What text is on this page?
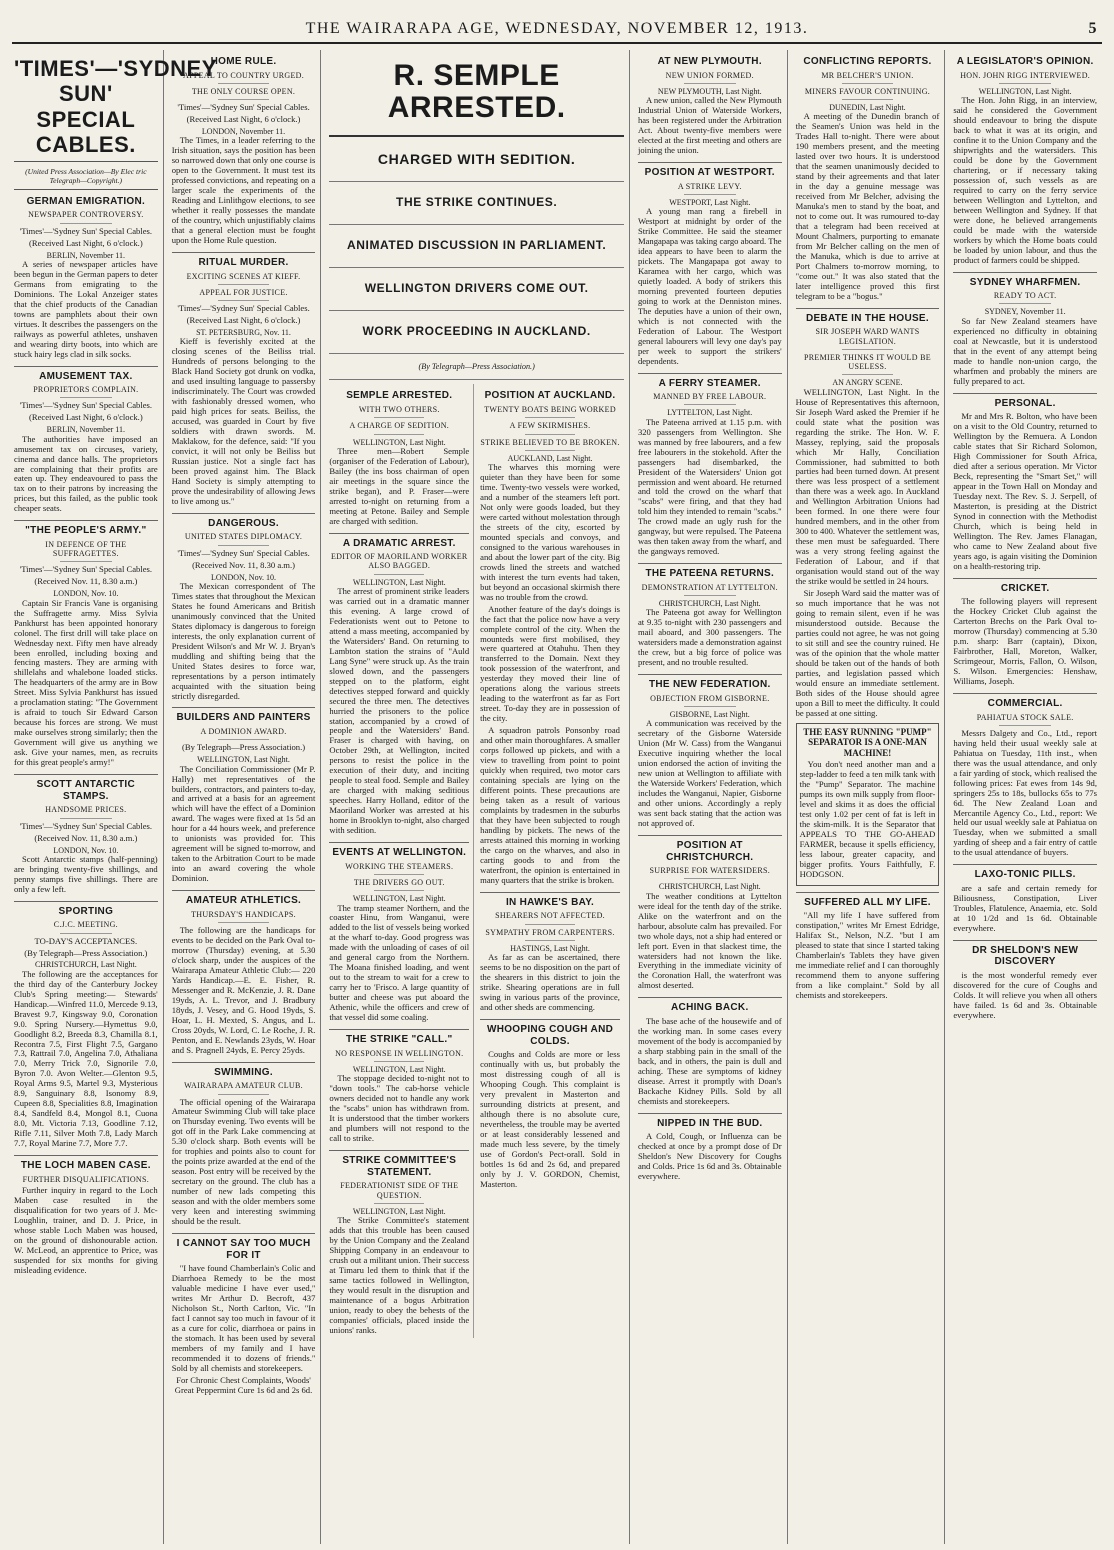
THE WAIRARAPA AGE, WEDNESDAY, NOVEMBER 12, 1913.	5
'TIMES'—'SYDNEY SUN' SPECIAL CABLES.
(United Press Association—By Elec tric Telegraph—Copyright.)
GERMAN EMIGRATION.
NEWSPAPER CONTROVERSY.

'Times'—'Sydney Sun' Special Cables.

(Received Last Night, 6 o'clock.)

BERLIN, November 11.

A series of newspaper articles have been begun in the German papers to deter Germans from emigrating to the Dominions. The Lokal Anzeiger states that the chief products of the Canadian towns are pamphlets about their own virtues. It describes the passengers on the railways as powerful athletes, unshaven and wearing dirty boots, into which are stuck hairy legs clad in silk socks.

AMUSEMENT TAX.
PROPRIETORS COMPLAIN.

'Times'—'Sydney Sun' Special Cables.

(Received Last Night, 6 o'clock.)

BERLIN, November 11.

The authorities have imposed an amusement tax on circuses, variety, cinema and dance halls. The proprietors are complaining that their profits are eaten up. They endeavoured to pass the tax on to their patrons by increasing the prices, but this failed, as the public took cheaper seats.

"THE PEOPLE'S ARMY."
IN DEFENCE OF THE SUFFRAGETTES.

'Times'—'Sydney Sun' Special Cables.

(Received Nov. 11, 8.30 a.m.)

LONDON, Nov. 10.

Captain Sir Francis Vane is organising the Suffragette army. Miss Sylvia Pankhurst has been appointed honorary colonel. The first drill will take place on Wednesday next. Fifty men have already been enrolled, including boxing and fencing masters. They are arming with shillelahs and whalebone loaded sticks. The headquarters of the army are in Bow Street. Miss Sylvia Pankhurst has issued a proclamation stating: "The Government is afraid to touch Sir Edward Carson because his forces are strong. We must make ourselves strong similarly; then the Government will give us anything we ask. Give your names, men, as recruits for this great people's army!"

SCOTT ANTARCTIC STAMPS.
HANDSOME PRICES.

'Times'—'Sydney Sun' Special Cables.

(Received Nov. 11, 8.30 a.m.)

LONDON, Nov. 10.

Scott Antarctic stamps (half-penning) are bringing twenty-five shillings, and penny stamps five shillings. There are only a few left.

SPORTING
C.J.C. MEETING.

TO-DAY'S ACCEPTANCES.

(By Telegraph—Press Association.)

CHRISTCHURCH, Last Night.

The following are the acceptances for the third day of the Canterbury Jockey Club's Spring meeting:— Stewards' Handicap.—Winfred 11.0, Mercede 9.13, Bravest 9.7, Kingsway 9.0, Coronation 9.0. Spring Nursery.—Hymettus 9.0, Goodlight 8.2, Breeda 8.3, Chamilla 8.1, Recontra 7.5, First Flight 7.5, Gargano 7.3, Rattrail 7.0, Angelina 7.0, Athaliana 7.0, Merry Trick 7.0, Signorile 7.0, Byron 7.0. Avon Welter.—Glenton 9.5, Royal Arms 9.5, Martel 9.3, Mysterious 8.9, Sanguinary 8.8, Isonomy 8.9, Cupeen 8.8, Specialities 8.8, Imagination 8.4, Sandfeld 8.4, Mongol 8.1, Cuona 8.0, Mt. Victoria 7.13, Goodline 7.12, Rifle 7.11, Silver Moth 7.8, Lady March 7.7, Royal Marine 7.7, More 7.7.

THE LOCH MABEN CASE.
FURTHER DISQUALIFICATIONS.

Further inquiry in regard to the Loch Maben case resulted in the disqualification for two years of J. Mc-Loughlin, trainer, and D. J. Price, in whose stable Loch Maben was housed, on the ground of dishonourable action. W. McLeod, an apprentice to Price, was suspended for six months for giving misleading evidence.

HOME RULE.
APPEAL TO COUNTRY URGED.
THE ONLY COURSE OPEN.

'Times'—'Sydney Sun' Special Cables.

(Received Last Night, 6 o'clock.)

LONDON, November 11.

The Times, in a leader referring to the Irish situation, says the position has been so narrowed down that only one course is open to the Government. It must test its professed convictions, and repeating on a larger scale the experiments of the Reading and Linlithgow elections, to see whether it really possesses the mandate of the country, which unjustifiably claims that a general election must be fought upon the Home Rule question.

RITUAL MURDER.
EXCITING SCENES AT KIEFF.
APPEAL FOR JUSTICE.

'Times'—'Sydney Sun' Special Cables.

(Received Last Night, 6 o'clock.)

ST. PETERSBURG, Nov. 11.

Kieff is feverishly excited at the closing scenes of the Beiliss trial. Hundreds of persons belonging to the Black Hand Society got drunk on vodka, and used insulting language to passersby indiscriminately. The Court was crowded with fashionably dressed women, who paid high prices for seats. Beiliss, the accused, was guarded in Court by five soldiers with drawn swords. M. Maklakow, for the defence, said: "If you convict, it will not only be Beiliss but Russian justice. Not a single fact has been proved against him. The Black Hand Society is simply attempting to prove the undesirability of allowing Jews to live among us."

DANGEROUS.
UNITED STATES DIPLOMACY.

'Times'—'Sydney Sun' Special Cables.

(Received Nov. 11, 8.30 a.m.)

LONDON, Nov. 10.

The Mexican correspondent of The Times states that throughout the Mexican States he found Americans and British unanimously convinced that the United States diplomacy is dangerous to foreign interests, the only explanation current of President Wilson's and Mr W. J. Bryan's muddling and shifting being that the United States desires to force war, representations by a person intimately acquainted with the situation being strictly disregarded.

BUILDERS AND PAINTERS
A DOMINION AWARD.

(By Telegraph—Press Association.)

WELLINGTON, Last Night.

The Conciliation Commissioner (Mr P. Hally) met representatives of the builders, contractors, and painters to-day, and arrived at a basis for an agreement which will have the effect of a Dominion award. The wages were fixed at 1s 5d an hour for a 44 hours week, and preference to unionists was provided for. This agreement will be signed to-morrow, and taken to the Arbitration Court to be made into an award covering the whole Dominion.

AMATEUR ATHLETICS.
THURSDAY'S HANDICAPS.

The following are the handicaps for events to be decided on the Park Oval to-morrow (Thursday) evening, at 5.30 o'clock sharp, under the auspices of the Wairarapa Amateur Athletic Club:— 220 Yards Handicap.—E. E. Fisher, R. Messenger and R. McKenzie, J. R. Dane 19yds, A. L. Trevor, and J. Bradbury 18yds, J. Vesey, and G. Hood 19yds, S. Hoar, L. H. Mexted, S. Angus, and L. Cross 20yds, W. Lord, C. Le Roche, J. R. Penton, and E. Newlands 23yds, W. Hoar and S. Pragnell 24yds, E. Percy 25yds.

SWIMMING.
WAIRARAPA AMATEUR CLUB.

The official opening of the Wairarapa Amateur Swimming Club will take place on Thursday evening. Two events will be got off in the Park Lake commencing at 5.30 o'clock sharp. Both events will be for trophies and points also to count for the points prize awarded at the end of the season. Post entry will be received by the secretary on the ground. The club has a number of new lads competing this season and with the older members some very keen and interesting swimming should be the result.

I CANNOT SAY TOO MUCH FOR IT

"I have found Chamberlain's Colic and Diarrhoea Remedy to be the most valuable medicine I have ever used," writes Mr Arthur D. Becroft, 437 Nicholson St., North Carlton, Vic. "In fact I cannot say too much in favour of it as a cure for colic, diarrhoea or pains in the stomach. It has been used by several members of my family and I have recommended it to dozens of friends." Sold by all chemists and storekeepers.

For Chronic Chest Complaints, Woods' Great Peppermint Cure 1s 6d and 2s 6d.

R. SEMPLE ARRESTED.
CHARGED WITH SEDITION.
THE STRIKE CONTINUES.
ANIMATED DISCUSSION IN PARLIAMENT.
WELLINGTON DRIVERS COME OUT.
WORK PROCEEDING IN AUCKLAND.
(By Telegraph—Press Association.)
SEMPLE ARRESTED.
WITH TWO OTHERS.
A CHARGE OF SEDITION.
WELLINGTON, Last Night.

Three men—Robert Semple (organiser of the Federation of Labour), Bailey (the ins boss chairman of open air meetings in the square since the strike began), and P. Fraser—were arrested to-night on returning from a meeting at Petone. Bailey and Semple are charged with sedition.

A DRAMATIC ARREST.
EDITOR OF MAORILAND WORKER ALSO BAGGED.
WELLINGTON, Last Night.

The arrest of prominent strike leaders was carried out in a dramatic manner this evening. A large crowd of Federationists went out to Petone to attend a mass meeting, accompanied by the Watersiders' Band. On returning to Lambton station the strains of "Auld Lang Syne" were struck up. As the train slowed down, and the passengers stepped on to the platform, eight detectives stepped forward and quickly secured the three men. The detectives hurried the prisoners to the police station, accompanied by a crowd of people and the Watersiders' Band. Fraser is charged with having, on October 29th, at Wellington, incited persons to resist the police in the execution of their duty, and inciting people to steal food. Semple and Bailey are charged with making seditious speeches. Harry Holland, editor of the Maoriland Worker was arrested at his home in Brooklyn to-night, also charged with sedition.

EVENTS AT WELLINGTON.
WORKING THE STEAMERS.
THE DRIVERS GO OUT.
WELLINGTON, Last Night.

The tramp steamer Northern, and the coaster Hinu, from Wanganui, were added to the list of vessels being worked at the wharf to-day. Good progress was made with the unloading of cases of oil and general cargo from the Northern. The Moana finished loading, and went out to the stream to wait for a crew to carry her to 'Frisco. A large quantity of butter and cheese was put aboard the Athenic, while the officers and crew of that vessel did some coaling.

THE STRIKE "CALL."
NO RESPONSE IN WELLINGTON.
WELLINGTON, Last Night.

The stoppage decided to-night not to "down tools." The cab-horse vehicle owners decided not to handle any work the "scabs" union has withdrawn from. It is understood that the timber workers and plumbers will not respond to the call to strike.

STRIKE COMMITTEE'S STATEMENT.
FEDERATIONIST SIDE OF THE QUESTION.
WELLINGTON, Last Night.

The Strike Committee's statement adds that this trouble has been caused by the Union Company and the Zealand Shipping Company in an endeavour to crush out a militant union. Their success at Timaru led them to think that if the same tactics followed in Wellington, they would result in the disruption and maintenance of a bogus Arbitration union, ready to obey the behests of the companies' officials, placed inside the unions' ranks.

POSITION AT AUCKLAND.
TWENTY BOATS BEING WORKED
A FEW SKIRMISHES.
STRIKE BELIEVED TO BE BROKEN.
AUCKLAND, Last Night.

The wharves this morning were quieter than they have been for some time. Twenty-two vessels were worked, and a number of the steamers left port. Not only were goods loaded, but they were carted without molestation through the streets of the city, escorted by mounted specials and convoys, and consigned to the various warehouses in and about the lower part of the city. Big crowds lined the streets and watched with interest the turn events had taken, but beyond an occasional skirmish there was no trouble from the crowd.

Another feature of the day's doings is the fact that the police now have a very complete control of the city. When the mounteds were first mobilised, they were quartered at Otahuhu. Then they transferred to the Domain. Next they took possession of the waterfront, and yesterday they moved their line of operations along the various streets leading to the waterfront as far as Fort street. To-day they are in possession of the city.

A squadron patrols Ponsonby road and other main thoroughfares. A smaller corps followed up pickets, and with a view to travelling from point to point quickly when required, two motor cars containing specials are lying on the different points. These precautions are being taken as a result of various complaints by tradesmen in the suburbs that they have been subjected to rough handling by pickets. The news of the arrests attained this morning in working the cargo on the wharves, and also in carting goods to and from the waterfront, the opinion is entertained in many quarters that the strike is broken.

IN HAWKE'S BAY.
SHEARERS NOT AFFECTED.
SYMPATHY FROM CARPENTERS.
HASTINGS, Last Night.

As far as can be ascertained, there seems to be no disposition on the part of the shearers in this district to join the strike. Shearing operations are in full swing in various parts of the province, and other sheds are commencing.

WHOOPING COUGH AND COLDS.

Coughs and Colds are more or less continually with us, but probably the most distressing cough of all is Whooping Cough. This complaint is very prevalent in Masterton and surrounding districts at present, and although there is no absolute cure, nevertheless, the trouble may be averted or at least considerably lessened and made much less severe, by the timely use of Gordon's Pect-orall. Sold in bottles 1s 6d and 2s 6d, and prepared only by J. V. GORDON, Chemist, Masterton.

AT NEW PLYMOUTH.
NEW UNION FORMED.
NEW PLYMOUTH, Last Night.

A new union, called the New Plymouth Industrial Union of Waterside Workers, has been registered under the Arbitration Act. About twenty-five members were elected at the first meeting and others are joining the union.

POSITION AT WESTPORT.
A STRIKE LEVY.
WESTPORT, Last Night.

A young man rang a firebell in Westport at midnight by order of the Strike Committee. He said the steamer Mangapapa was taking cargo aboard. The idea appears to have been to alarm the pickets. The Mangapapa got away to Karamea with her cargo, which was quietly loaded. A body of strikers this morning prevented fourteen deputies going to work at the Denniston mines. The deputies have a union of their own, which is not connected with the Federation of Labour. The Westport general labourers will levy one day's pay per week to support the strikers' dependents.

A FERRY STEAMER.
MANNED BY FREE LABOUR.
LYTTELTON, Last Night.

The Pateena arrived at 1.15 p.m. with 320 passengers from Wellington. She was manned by free labourers, and a few free labourers in the stokehold. After the passengers had disembarked, the President of the Watersiders' Union got permission and went aboard. He returned and told the crowd on the wharf that "scabs" were firing, and that they had told him they intended to remain "scabs." The crowd made an ugly rush for the gangway, but were repulsed. The Pateena was then taken away from the wharf, and the gangways removed.

THE PATEENA RETURNS.
DEMONSTRATION AT LYTTELTON.
CHRISTCHURCH, Last Night.

The Pateena got away for Wellington at 9.35 to-night with 230 passengers and mail aboard, and 300 passengers. The watersiders made a demonstration against the crew, but a big force of police was present, and no trouble resulted.

THE NEW FEDERATION.
OBJECTION FROM GISBORNE.
GISBORNE, Last Night.

A communication was received by the secretary of the Gisborne Waterside Union (Mr W. Cass) from the Wanganui Executive inquiring whether the local union endorsed the action of inviting the new union at Wellington to affiliate with the Waterside Workers' Federation, which includes the Wanganui, Napier, Gisborne and other unions. Accordingly a reply was sent back stating that the action was not approved of.

POSITION AT CHRISTCHURCH.
SURPRISE FOR WATERSIDERS.
CHRISTCHURCH, Last Night.

The weather conditions at Lyttelton were ideal for the tenth day of the strike. Alike on the waterfront and on the harbour, absolute calm has prevailed. For two whole days, not a ship had entered or left port. Even in that slackest time, the watersiders had not known the like. Everything in the immediate vicinity of the Coronation Hall, the waterfront was almost deserted.

ACHING BACK.

The base ache of the housewife and of the working man. In some cases every movement of the body is accompanied by a sharp stabbing pain in the small of the back, and in others, the pain is dull and aching. These are symptoms of kidney disease. Arrest it promptly with Doan's Backache Kidney Pills. Sold by all chemists and storekeepers.

NIPPED IN THE BUD.

A Cold, Cough, or Influenza can be checked at once by a prompt dose of Dr Sheldon's New Discovery for Coughs and Colds. Price 1s 6d and 3s. Obtainable everywhere.

CONFLICTING REPORTS.
MR BELCHER'S UNION.
MINERS FAVOUR CONTINUING.
DUNEDIN, Last Night.

A meeting of the Dunedin branch of the Seamen's Union was held in the Trades Hall to-night. There were about 190 members present, and the meeting lasted over two hours. It is understood that the seamen unanimously decided to stand by their agreements and that later in the day a genuine message was received from Mr Belcher, advising the Manuka's men to stand by the boat, and not to come out. It was rumoured to-day that a telegram had been received at Mount Chalmers, purporting to emanate from Mr Belcher calling on the men of the Manuka, which is due to arrive at Port Chalmers to-morrow morning, to "come out." It was also stated that the later intelligence proved this first telegram to be a "bogus."

DEBATE IN THE HOUSE.
SIR JOSEPH WARD WANTS LEGISLATION.
PREMIER THINKS IT WOULD BE USELESS.
AN ANGRY SCENE.

WELLINGTON, Last Night. In the House of Representatives this afternoon, Sir Joseph Ward asked the Premier if he could state what the position was regarding the strike. The Hon. W. F. Massey, replying, said the proposals which Mr Hally, Conciliation Commissioner, had submitted to both parties had been turned down. At present there was less prospect of a settlement than there was a week ago. In Auckland and Wellington Arbitration Unions had been formed. In one there were four hundred members, and in the other from 300 to 400. Whatever the settlement was, these men must be safeguarded. There was a very strong feeling against the Federation of Labour, and if that organisation would stand out of the way the strike would be settled in 24 hours.

Sir Joseph Ward said the matter was of so much importance that he was not going to remain silent, even if he was misunderstood outside. Because the parties could not agree, he was not going to sit still and see the country ruined. He was of the opinion that the whole matter should be taken out of the hands of both parties, and legislation passed which would ensure an immediate settlement. Both sides of the House should agree upon a Bill to meet the difficulty. It could be passed at one sitting.

THE EASY RUNNING "PUMP" SEPARATOR IS A ONE-MAN MACHINE!

You don't need another man and a step-ladder to feed a ten milk tank with the "Pump" Separator. The machine pumps its own milk supply from floor-level and skims it as does the official test only 1.02 per cent of fat is left in the skim-milk. It is the Separator that APPEALS TO THE GO-AHEAD FARMER, because it spells efficiency, less labour, greater capacity, and bigger profits. Yours Faithfully, F. HODGSON.

SUFFERED ALL MY LIFE.

"All my life I have suffered from constipation," writes Mr Ernest Edridge, Halifax St., Nelson, N.Z. "but I am pleased to state that since I started taking Chamberlain's Tablets they have given me immediate relief and I can thoroughly recommend them to anyone suffering from a like complaint." Sold by all chemists and storekeepers.

A LEGISLATOR'S OPINION.
HON. JOHN RIGG INTERVIEWED.
WELLINGTON, Last Night.

The Hon. John Rigg, in an interview, said he considered the Government should endeavour to bring the dispute back to what it was at its origin, and confine it to the Union Company and the shipwrights and the watersiders. This could be done by the Government chartering, or if necessary taking possession of, such vessels as are required to carry on the ferry service between Wellington and Lyttelton, and between Wellington and Sydney. If that were done, he believed arrangements could be made with the waterside workers by which the Home boats could be loaded by union labour, and thus the product of farmers could be shipped.

SYDNEY WHARFMEN.
READY TO ACT.
SYDNEY, November 11.

So far New Zealand steamers have experienced no difficulty in obtaining coal at Newcastle, but it is understood that in the event of any attempt being made to handle non-union cargo, the wharfmen and probably the miners are fully prepared to act.

PERSONAL.

Mr and Mrs R. Bolton, who have been on a visit to the Old Country, returned to Wellington by the Remuera. A London cable states that Sir Richard Solomon, High Commissioner for South Africa, died after a serious operation. Mr Victor Beck, representing the "Smart Set," will appear in the Town Hall on Monday and Tuesday next. The Rev. S. J. Serpell, of Masterton, is presiding at the District Synod in connection with the Methodist Church, which is being held in Wellington. The Rev. James Flanagan, who came to New Zealand about five years ago, is again visiting the Dominion on a health-restoring trip.

CRICKET.

The following players will represent the Hockey Cricket Club against the Carterton Brechs on the Park Oval to-morrow (Thursday) commencing at 5.30 p.m. sharp: Barr (captain), Dixon, Fairbrother, Hall, Moreton, Walker, Scrimgeour, Morris, Fallon, O. Wilson, S. Wilson. Emergencies: Henshaw, Williams, Joseph.

COMMERCIAL.
PAHIATUA STOCK SALE.

Messrs Dalgety and Co., Ltd., report having held their usual weekly sale at Pahiatua on Tuesday, 11th inst., when there was the usual attendance, and only a fair yarding of stock, which realised the following prices: Fat ewes from 14s 9d, springers 25s to 18s, bullocks 65s to 77s 6d. The New Zealand Loan and Mercantile Agency Co., Ltd., report: We held our usual weekly sale at Pahiatua on Tuesday, when we submitted a small yarding of sheep and a fair entry of cattle to the usual attendance of buyers.

LAXO-TONIC PILLS.

are a safe and certain remedy for Biliousness, Constipation, Liver Troubles, Flatulence, Anaemia, etc. Sold at 10 1/2d and 1s 6d. Obtainable everywhere.

DR SHELDON'S NEW DISCOVERY

is the most wonderful remedy ever discovered for the cure of Coughs and Colds. It will relieve you when all others have failed. 1s 6d and 3s. Obtainable everywhere.
